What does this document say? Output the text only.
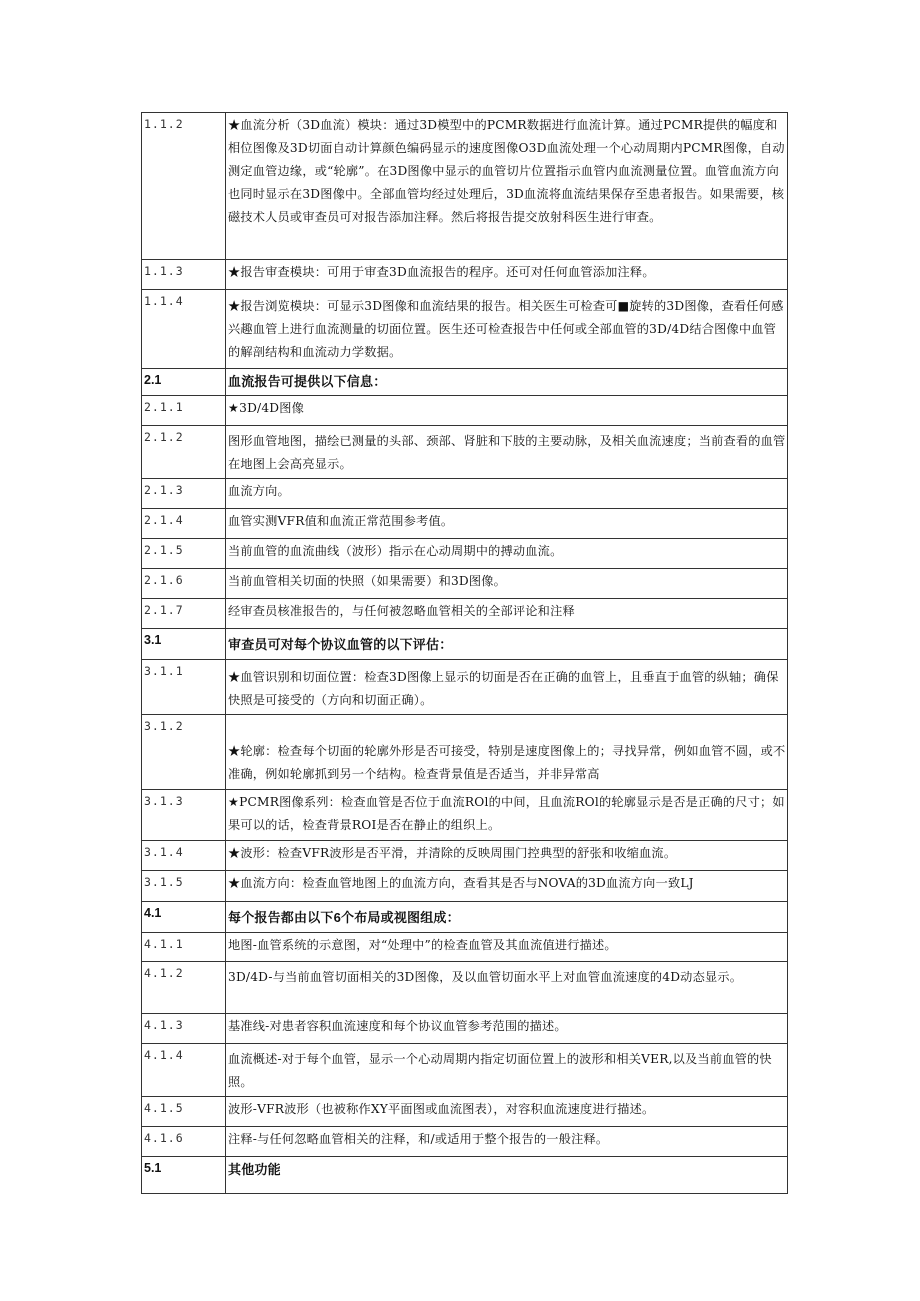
1.1.2	★血流分析（3D血流）模块：通过3D模型中的PCMR数据进行血流计算。通过PCMR提供的幅度和相位图像及3D切面自动计算颜色编码显示的速度图像O3D血流处理一个心动周期内PCMR图像，自动测定血管边缘，或“轮廓”。在3D图像中显示的血管切片位置指示血管内血流测量位置。血管血流方向也同时显示在3D图像中。全部血管均经过处理后，3D血流将血流结果保存至患者报告。如果需要，核磁技术人员或审查员可对报告添加注释。然后将报告提交放射科医生进行审查。
1.1.3	★报告审查模块：可用于审查3D血流报告的程序。还可对任何血管添加注释。
1.1.4	★报告浏览模块：可显示3D图像和血流结果的报告。相关医生可检查可■旋转的3D图像，查看任何感兴趣血管上进行血流测量的切面位置。医生还可检查报告中任何或全部血管的3D/4D结合图像中血管的解剖结构和血流动力学数据。
2.1	血流报告可提供以下信息：
2.1.1	★3D/4D图像
2.1.2	图形血管地图，描绘已测量的头部、颈部、肾脏和下肢的主要动脉，及相关血流速度；当前查看的血管在地图上会高亮显示。
2.1.3	血流方向。
2.1.4	血管实测VFR值和血流正常范围参考值。
2.1.5	当前血管的血流曲线（波形）指示在心动周期中的搏动血流。
2.1.6	当前血管相关切面的快照（如果需要）和3D图像。
2.1.7	经审查员核准报告的，与任何被忽略血管相关的全部评论和注释
3.1	审查员可对每个协议血管的以下评估：
3.1.1	★血管识别和切面位置：检查3D图像上显示的切面是否在正确的血管上，且垂直于血管的纵轴；确保快照是可接受的（方向和切面正确）。
3.1.2	★轮廓：检查每个切面的轮廓外形是否可接受，特别是速度图像上的；寻找异常，例如血管不圆，或不准确，例如轮廓抓到另一个结构。检查背景值是否适当，并非异常高
3.1.3	★PCMR图像系列：检查血管是否位于血流ROl的中间，且血流ROl的轮廓显示是否是正确的尺寸；如果可以的话，检查背景ROI是否在静止的组织上。
3.1.4	★波形：检查VFR波形是否平滑，并清除的反映周围门控典型的舒张和收缩血流。
3.1.5	★血流方向：检查血管地图上的血流方向，查看其是否与NOVA的3D血流方向一致LJ
4.1	每个报告都由以下6个布局或视图组成：
4.1.1	地图-血管系统的示意图，对“处理中”的检查血管及其血流值进行描述。
4.1.2	3D/4D-与当前血管切面相关的3D图像，及以血管切面水平上对血管血流速度的4D动态显示。
4.1.3	基准线-对患者容积血流速度和每个协议血管参考范围的描述。
4.1.4	血流概述-对于每个血管，显示一个心动周期内指定切面位置上的波形和相关VER,以及当前血管的快照。
4.1.5	波形-VFR波形（也被称作XY平面图或血流图表），对容积血流速度进行描述。
4.1.6	注释-与任何忽略血管相关的注释，和/或适用于整个报告的一般注释。
5.1	其他功能
